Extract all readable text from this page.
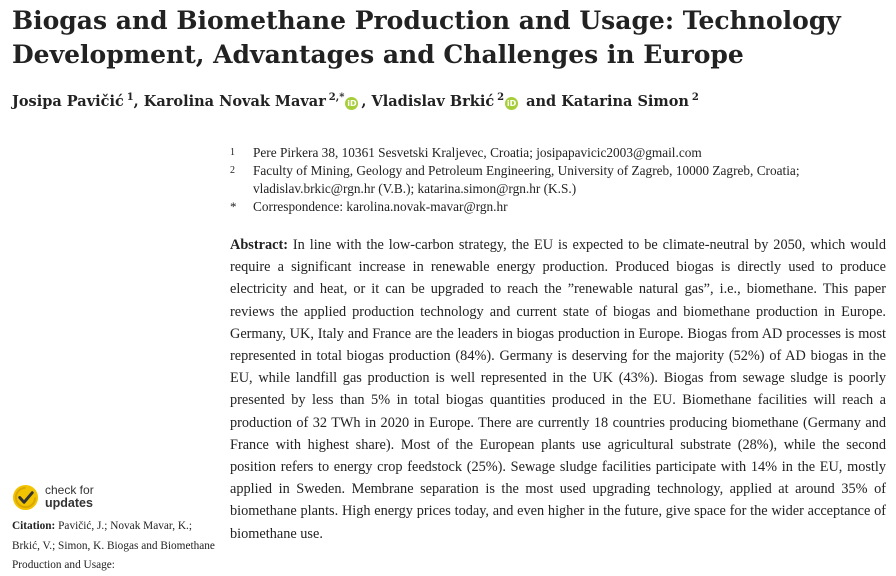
Biogas and Biomethane Production and Usage: Technology Development, Advantages and Challenges in Europe
Josipa Pavičić  $^1$, Karolina Novak Mavar  $^{2,*}$iD , Vladislav Brkić  $^2$iD and Katarina Simon  $^2$
1 Pere Pirkera 38, 10361 Sesvetski Kraljevec, Croatia; josipapavicic2003@gmail.com
2 Faculty of Mining, Geology and Petroleum Engineering, University of Zagreb, 10000 Zagreb, Croatia; vladislav.brkic@rgn.hr (V.B.); katarina.simon@rgn.hr (K.S.)
* Correspondence: karolina.novak-mavar@rgn.hr
Abstract: In line with the low-carbon strategy, the EU is expected to be climate-neutral by 2050, which would require a significant increase in renewable energy production. Produced biogas is directly used to produce electricity and heat, or it can be upgraded to reach the ”renewable natural gas”, i.e., biomethane. This paper reviews the applied production technology and current state of biogas and biomethane production in Europe. Germany, UK, Italy and France are the leaders in biogas production in Europe. Biogas from AD processes is most represented in total biogas production (84%). Germany is deserving for the majority (52%) of AD biogas in the EU, while landfill gas production is well represented in the UK (43%). Biogas from sewage sludge is poorly presented by less than 5% in total biogas quantities produced in the EU. Biomethane facilities will reach a production of 32 TWh in 2020 in Europe. There are currently 18 countries producing biomethane (Germany and France with highest share). Most of the European plants use agricultural substrate (28%), while the second position refers to energy crop feedstock (25%). Sewage sludge facilities participate with 14% in the EU, mostly applied in Sweden. Membrane separation is the most used upgrading technology, applied at around 35% of biomethane plants. High energy prices today, and even higher in the future, give space for the wider acceptance of biomethane use.
check for
updates
Citation: Pavičić, J.; Novak Mavar, K.; Brkić, V.; Simon, K. Biogas and Biomethane Production and Usage:
